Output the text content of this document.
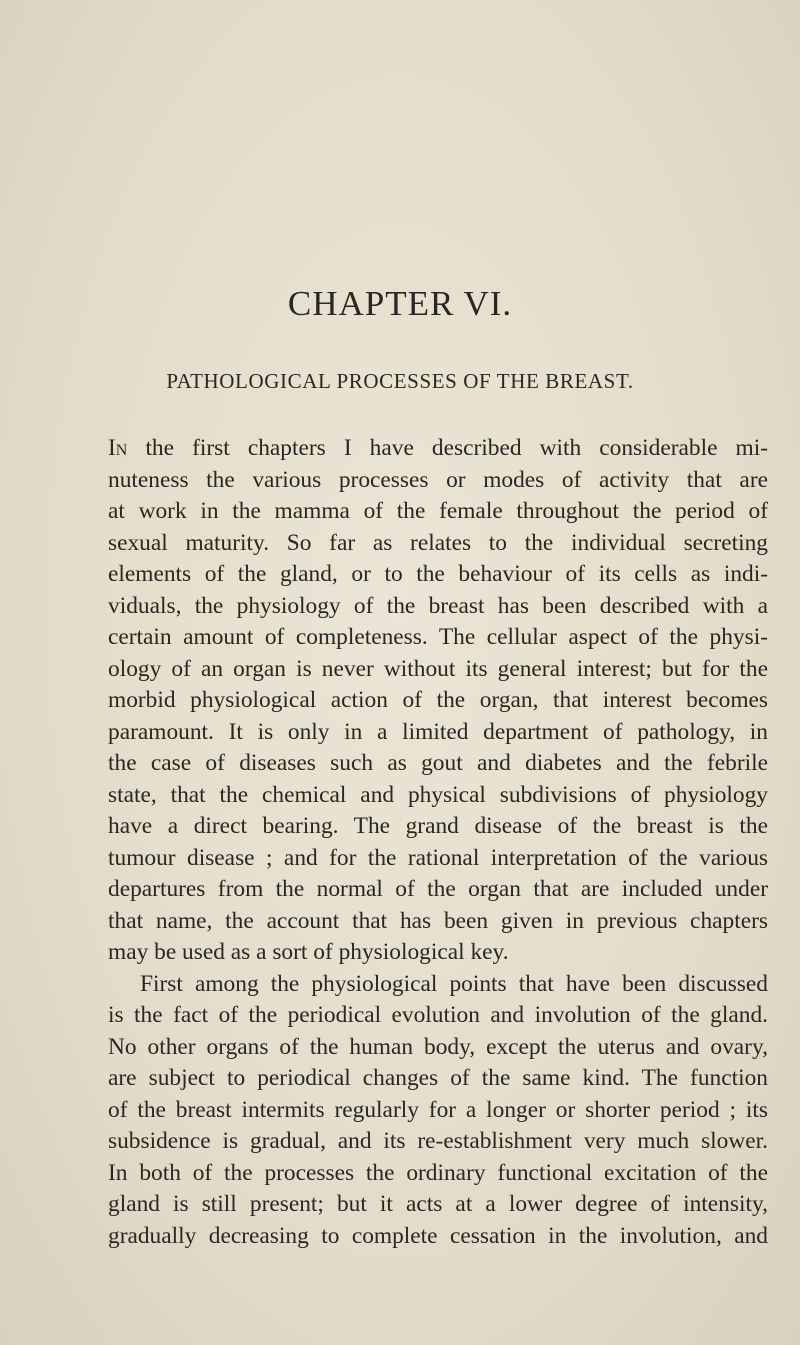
CHAPTER VI.
PATHOLOGICAL PROCESSES OF THE BREAST.
In the first chapters I have described with considerable mi-
nuteness the various processes or modes of activity that are
at work in the mamma of the female throughout the period of
sexual maturity. So far as relates to the individual secreting
elements of the gland, or to the behaviour of its cells as indi-
viduals, the physiology of the breast has been described with a
certain amount of completeness. The cellular aspect of the physi-
ology of an organ is never without its general interest; but for the
morbid physiological action of the organ, that interest becomes
paramount. It is only in a limited department of pathology, in
the case of diseases such as gout and diabetes and the febrile
state, that the chemical and physical subdivisions of physiology
have a direct bearing. The grand disease of the breast is the
tumour disease ; and for the rational interpretation of the various
departures from the normal of the organ that are included under
that name, the account that has been given in previous chapters
may be used as a sort of physiological key.
First among the physiological points that have been discussed
is the fact of the periodical evolution and involution of the gland.
No other organs of the human body, except the uterus and ovary,
are subject to periodical changes of the same kind. The function
of the breast intermits regularly for a longer or shorter period ; its
subsidence is gradual, and its re-establishment very much slower.
In both of the processes the ordinary functional excitation of the
gland is still present; but it acts at a lower degree of intensity,
gradually decreasing to complete cessation in the involution, and
